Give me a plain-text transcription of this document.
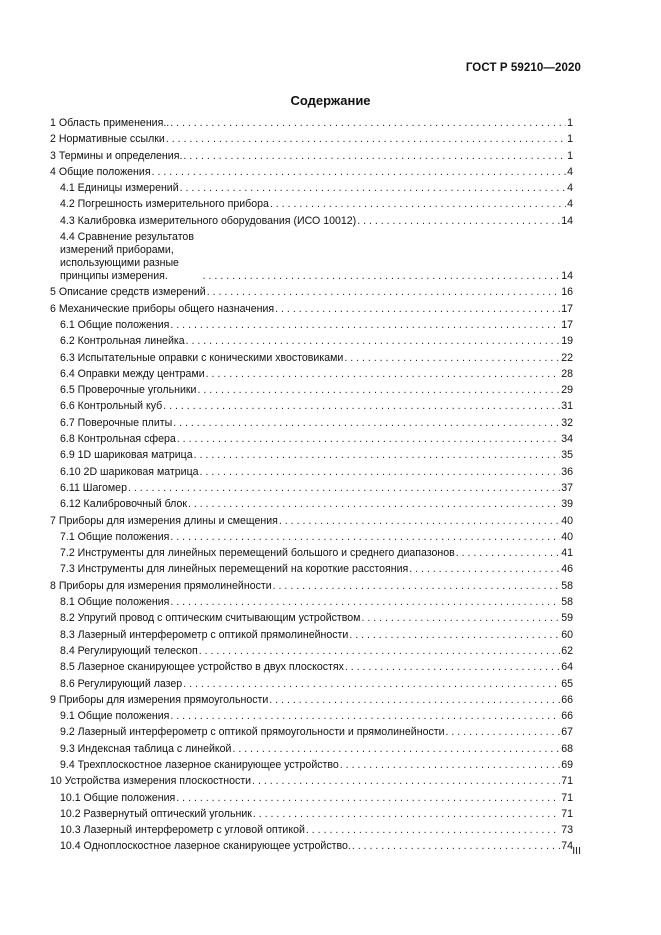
ГОСТ Р 59210—2020
Содержание
1 Область применения.. . . .	1
2 Нормативные ссылки . . .	1
3 Термины и определения. . . .	1
4 Общие положения . . .	4
4.1 Единицы измерений . . .	4
4.2 Погрешность измерительного прибора . . .	4
4.3 Калибровка измерительного оборудования (ИСО 10012) . . .	14
4.4 Сравнение результатов измерений приборами, использующими разные принципы измерения. . . .	14
5 Описание средств измерений . . .	16
6 Механические приборы общего назначения . . .	17
6.1 Общие положения . . .	17
6.2 Контрольная линейка . . .	19
6.3 Испытательные оправки с коническими хвостовиками . . .	22
6.4 Оправки между центрами . . .	28
6.5 Проверочные угольники . . .	29
6.6 Контрольный куб . . .	31
6.7 Поверочные плиты . . .	32
6.8 Контрольная сфера . . .	34
6.9 1D шариковая матрица . . .	35
6.10 2D шариковая матрица . . .	36
6.11 Шагомер . . .	37
6.12 Калибровочный блок . . .	39
7 Приборы для измерения длины и смещения . . .	40
7.1 Общие положения . . .	40
7.2 Инструменты для линейных перемещений большого и среднего диапазонов . . .	41
7.3 Инструменты для линейных перемещений на короткие расстояния . . .	46
8 Приборы для измерения прямолинейности . . .	58
8.1 Общие положения . . .	58
8.2 Упругий провод с оптическим считывающим устройством . . .	59
8.3 Лазерный интерферометр с оптикой прямолинейности . . .	60
8.4 Регулирующий телескоп . . .	62
8.5 Лазерное сканирующее устройство в двух плоскостях . . .	64
8.6 Регулирующий лазер . . .	65
9 Приборы для измерения прямоугольности . . .	66
9.1 Общие положения . . .	66
9.2 Лазерный интерферометр с оптикой прямоугольности и прямолинейности . . .	67
9.3 Индексная таблица с линейкой . . .	68
9.4 Трехплоскостное лазерное сканирующее устройство . . .	69
10 Устройства измерения плоскостности . . .	71
10.1 Общие положения . . .	71
10.2 Развернутый оптический угольник . . .	71
10.3 Лазерный интерферометр с угловой оптикой . . .	73
10.4 Одноплоскостное лазерное сканирующее устройство. . . .	74 III
